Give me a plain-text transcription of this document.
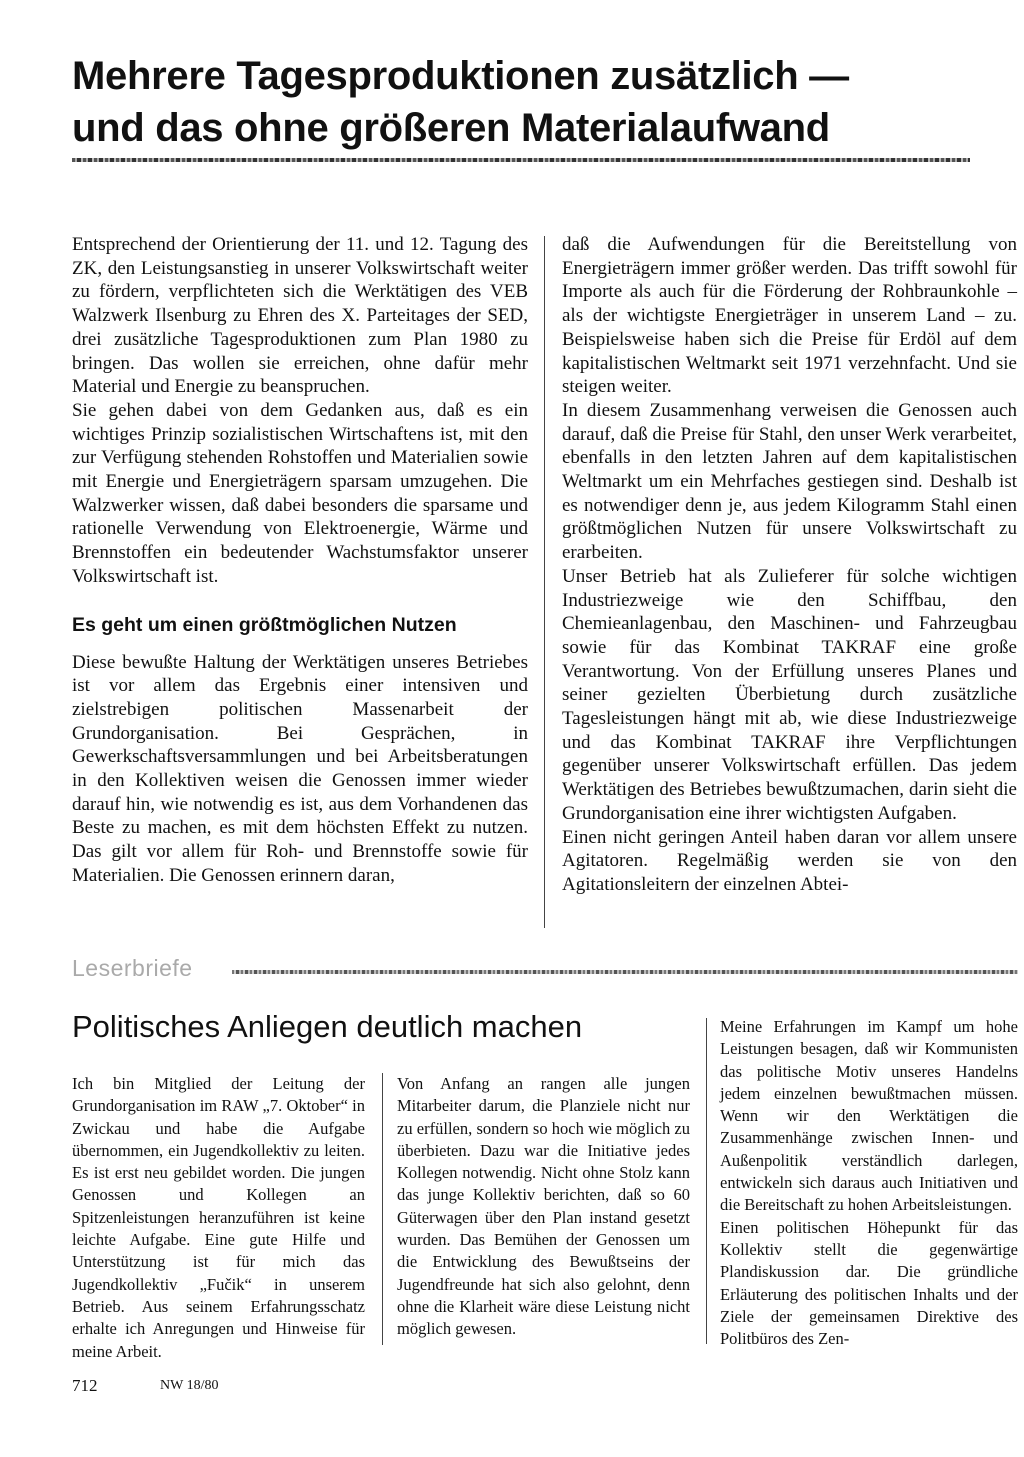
Mehrere Tagesproduktionen zusätzlich —
und das ohne größeren Materialaufwand

Entsprechend der Orientierung der 11. und 12. Tagung des ZK, den Leistungsanstieg in unserer Volkswirtschaft weiter zu fördern, verpflichteten sich die Werktätigen des VEB Walzwerk Ilsenburg zu Ehren des X. Parteitages der SED, drei zusätzliche Tagesproduktionen zum Plan 1980 zu bringen. Das wollen sie erreichen, ohne dafür mehr Material und Energie zu beanspruchen.

Sie gehen dabei von dem Gedanken aus, daß es ein wichtiges Prinzip sozialistischen Wirtschaftens ist, mit den zur Verfügung stehenden Rohstoffen und Materialien sowie mit Energie und Energieträgern sparsam umzugehen. Die Walzwerker wissen, daß dabei besonders die sparsame und rationelle Verwendung von Elektroenergie, Wärme und Brennstoffen ein bedeutender Wachstumsfaktor unserer Volkswirtschaft ist.

Es geht um einen größtmöglichen Nutzen

Diese bewußte Haltung der Werktätigen unseres Betriebes ist vor allem das Ergebnis einer intensiven und zielstrebigen politischen Massenarbeit der Grundorganisation. Bei Gesprächen, in Gewerkschaftsversammlungen und bei Arbeitsberatungen in den Kollektiven weisen die Genossen immer wieder darauf hin, wie notwendig es ist, aus dem Vorhandenen das Beste zu machen, es mit dem höchsten Effekt zu nutzen. Das gilt vor allem für Roh- und Brennstoffe sowie für Materialien. Die Genossen erinnern daran,

daß die Aufwendungen für die Bereitstellung von Energieträgern immer größer werden. Das trifft sowohl für Importe als auch für die Förderung der Rohbraunkohle – als der wichtigste Energieträger in unserem Land – zu. Beispielsweise haben sich die Preise für Erdöl auf dem kapitalistischen Weltmarkt seit 1971 verzehnfacht. Und sie steigen weiter.

In diesem Zusammenhang verweisen die Genossen auch darauf, daß die Preise für Stahl, den unser Werk verarbeitet, ebenfalls in den letzten Jahren auf dem kapitalistischen Weltmarkt um ein Mehrfaches gestiegen sind. Deshalb ist es notwendiger denn je, aus jedem Kilogramm Stahl einen größtmöglichen Nutzen für unsere Volkswirtschaft zu erarbeiten.

Unser Betrieb hat als Zulieferer für solche wichtigen Industriezweige wie den Schiffbau, den Chemieanlagenbau, den Maschinen- und Fahrzeugbau sowie für das Kombinat TAKRAF eine große Verantwortung. Von der Erfüllung unseres Planes und seiner gezielten Überbietung durch zusätzliche Tagesleistungen hängt mit ab, wie diese Industriezweige und das Kombinat TAKRAF ihre Verpflichtungen gegenüber unserer Volkswirtschaft erfüllen. Das jedem Werktätigen des Betriebes bewußtzumachen, darin sieht die Grundorganisation eine ihrer wichtigsten Aufgaben.

Einen nicht geringen Anteil haben daran vor allem unsere Agitatoren. Regelmäßig werden sie von den Agitationsleitern der einzelnen Abtei-

Leserbriefe
Politisches Anliegen deutlich machen

Ich bin Mitglied der Leitung der Grundorganisation im RAW „7. Oktober“ in Zwickau und habe die Aufgabe übernommen, ein Jugendkollektiv zu leiten. Es ist erst neu gebildet worden. Die jungen Genossen und Kollegen an Spitzenleistungen heranzuführen ist keine leichte Aufgabe. Eine gute Hilfe und Unterstützung ist für mich das Jugendkollektiv „Fučik“ in unserem Betrieb. Aus seinem Erfahrungsschatz erhalte ich Anregungen und Hinweise für meine Arbeit.

Von Anfang an rangen alle jungen Mitarbeiter darum, die Planziele nicht nur zu erfüllen, sondern so hoch wie möglich zu überbieten. Dazu war die Initiative jedes Kollegen notwendig. Nicht ohne Stolz kann das junge Kollektiv berichten, daß so 60 Güterwagen über den Plan instand gesetzt wurden. Das Bemühen der Genossen um die Entwicklung des Bewußtseins der Jugendfreunde hat sich also gelohnt, denn ohne die Klarheit wäre diese Leistung nicht möglich gewesen.

Meine Erfahrungen im Kampf um hohe Leistungen besagen, daß wir Kommunisten das politische Motiv unseres Handelns jedem einzelnen bewußtmachen müssen. Wenn wir den Werktätigen die Zusammenhänge zwischen Innen- und Außenpolitik verständlich darlegen, entwickeln sich daraus auch Initiativen und die Bereitschaft zu hohen Arbeitsleistungen.

Einen politischen Höhepunkt für das Kollektiv stellt die gegenwärtige Plandiskussion dar. Die gründliche Erläuterung des politischen Inhalts und der Ziele der gemeinsamen Direktive des Politbüros des Zen-

712	NW 18/80
